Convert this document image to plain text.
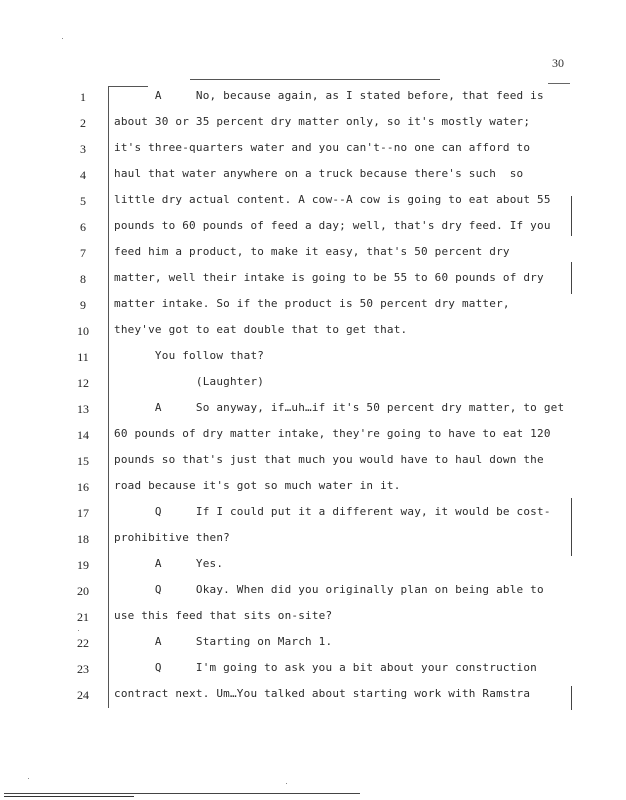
30
1	A     No, because again, as I stated before, that feed is
2	about 30 or 35 percent dry matter only, so it's mostly water;
3	it's three-quarters water and you can't--no one can afford to
4	haul that water anywhere on a truck because there's such  so
5	little dry actual content. A cow--A cow is going to eat about 55
6	pounds to 60 pounds of feed a day; well, that's dry feed. If you
7	feed him a product, to make it easy, that's 50 percent dry
8	matter, well their intake is going to be 55 to 60 pounds of dry
9	matter intake. So if the product is 50 percent dry matter,
10	they've got to eat double that to get that.
11	You follow that?
12	(Laughter)
13	A     So anyway, if…uh…if it's 50 percent dry matter, to get
14	60 pounds of dry matter intake, they're going to have to eat 120
15	pounds so that's just that much you would have to haul down the
16	road because it's got so much water in it.
17	Q     If I could put it a different way, it would be cost-
18	prohibitive then?
19	A     Yes.
20	Q     Okay. When did you originally plan on being able to
21	use this feed that sits on-site?
22	A     Starting on March 1.
23	Q     I'm going to ask you a bit about your construction
24	contract next. Um…You talked about starting work with Ramstra
